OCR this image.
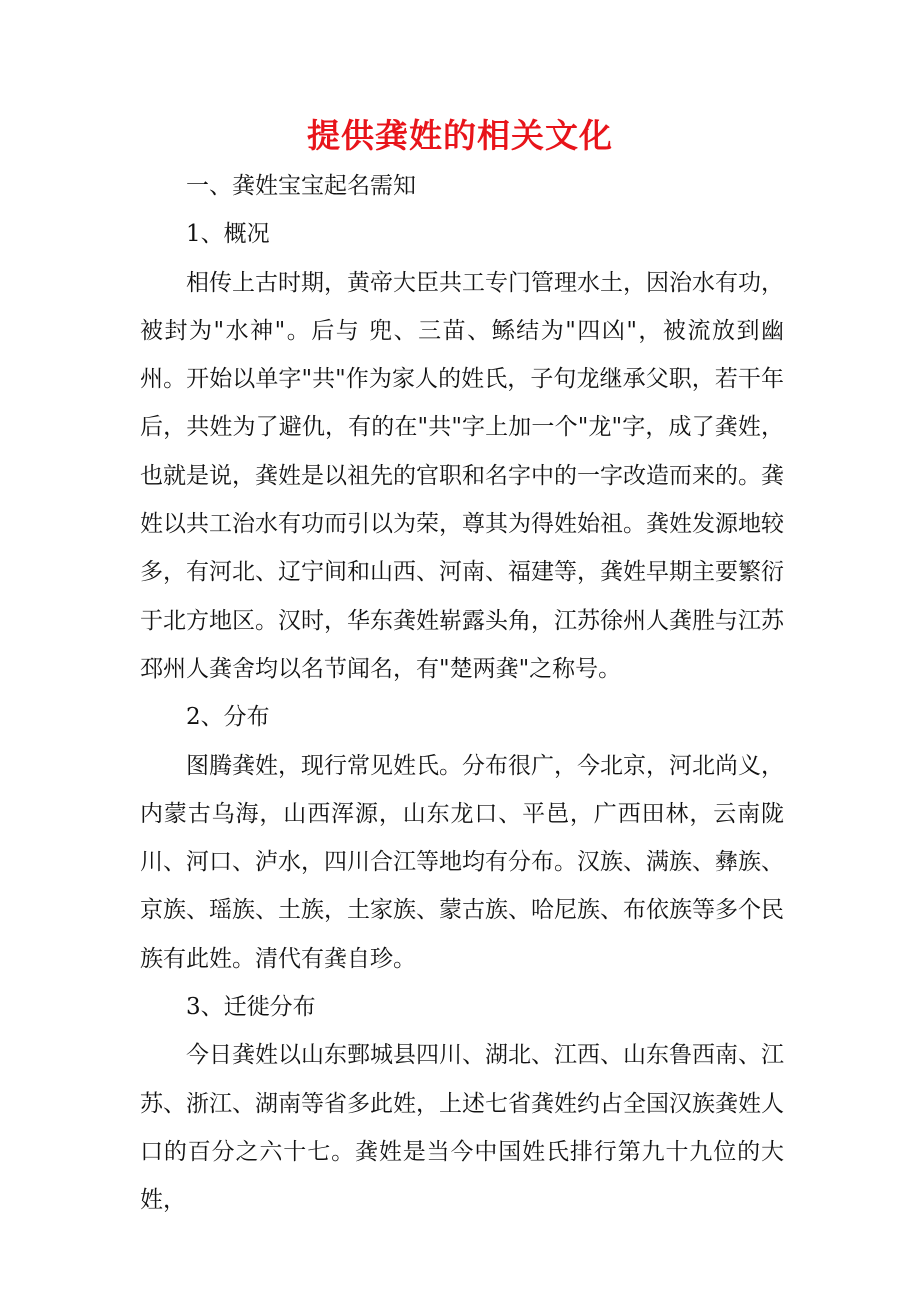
提供龚姓的相关文化

一、龚姓宝宝起名需知

1、概况

相传上古时期，黄帝大臣共工专门管理水土，因治水有功，被封为"水神"。后与 兜、三苗、鲧结为"四凶"，被流放到幽州。开始以单字"共"作为家人的姓氏，子句龙继承父职，若干年后，共姓为了避仇，有的在"共"字上加一个"龙"字，成了龚姓，也就是说，龚姓是以祖先的官职和名字中的一字改造而来的。龚姓以共工治水有功而引以为荣，尊其为得姓始祖。龚姓发源地较多，有河北、辽宁间和山西、河南、福建等，龚姓早期主要繁衍于北方地区。汉时，华东龚姓崭露头角，江苏徐州人龚胜与江苏邳州人龚舍均以名节闻名，有"楚两龚"之称号。

2、分布

图腾龚姓，现行常见姓氏。分布很广，今北京，河北尚义，内蒙古乌海，山西浑源，山东龙口、平邑，广西田林，云南陇川、河口、泸水，四川合江等地均有分布。汉族、满族、彝族、京族、瑶族、土族，土家族、蒙古族、哈尼族、布依族等多个民族有此姓。清代有龚自珍。

3、迁徙分布

今日龚姓以山东鄄城县四川、湖北、江西、山东鲁西南、江苏、浙江、湖南等省多此姓，上述七省龚姓约占全国汉族龚姓人口的百分之六十七。龚姓是当今中国姓氏排行第九十九位的大姓，
